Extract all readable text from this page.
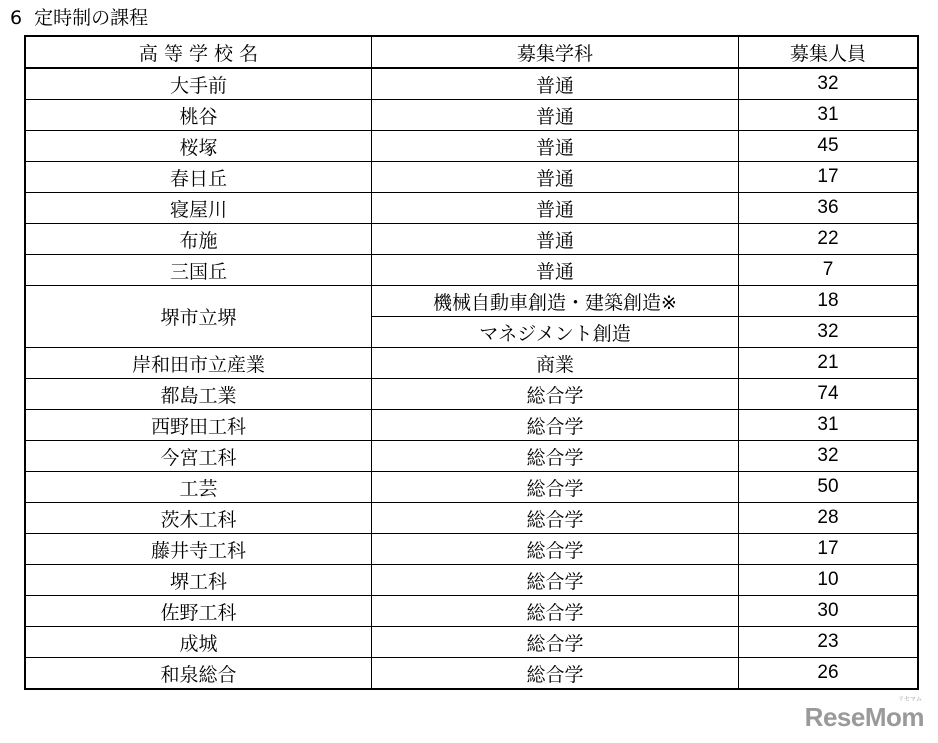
6  定時制の課程
高 等 学 校 名	募集学科	募集人員
大手前	普通	32
桃谷	普通	31
桜塚	普通	45
春日丘	普通	17
寝屋川	普通	36
布施	普通	22
三国丘	普通	7
堺市立堺	機械自動車創造・建築創造※	18
	マネジメント創造	32
岸和田市立産業	商業	21
都島工業	総合学	74
西野田工科	総合学	31
今宮工科	総合学	32
工芸	総合学	50
茨木工科	総合学	28
藤井寺工科	総合学	17
堺工科	総合学	10
佐野工科	総合学	30
成城	総合学	23
和泉総合	総合学	26
ReseMom
リセマム
